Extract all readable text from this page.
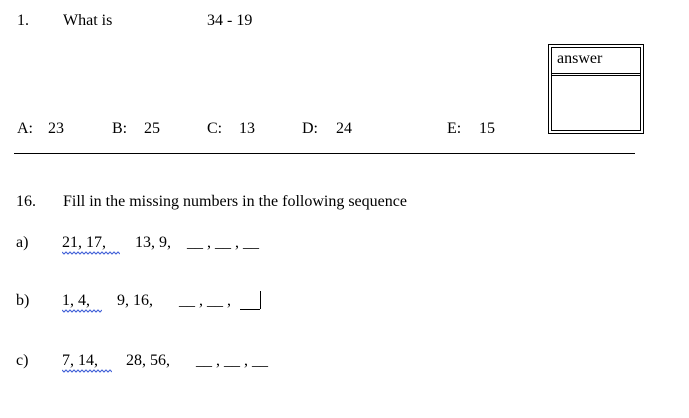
1. What is	34 - 19
answer
A: 23	B: 25	C: 13	D: 24	E: 15
16. Fill in the missing numbers in the following sequence
a) 21, 17, 13, 9, __ , __ , __
b) 1, 4, 9, 16, __ , __ ,
c) 7, 14, 28, 56, __ , __ , __
